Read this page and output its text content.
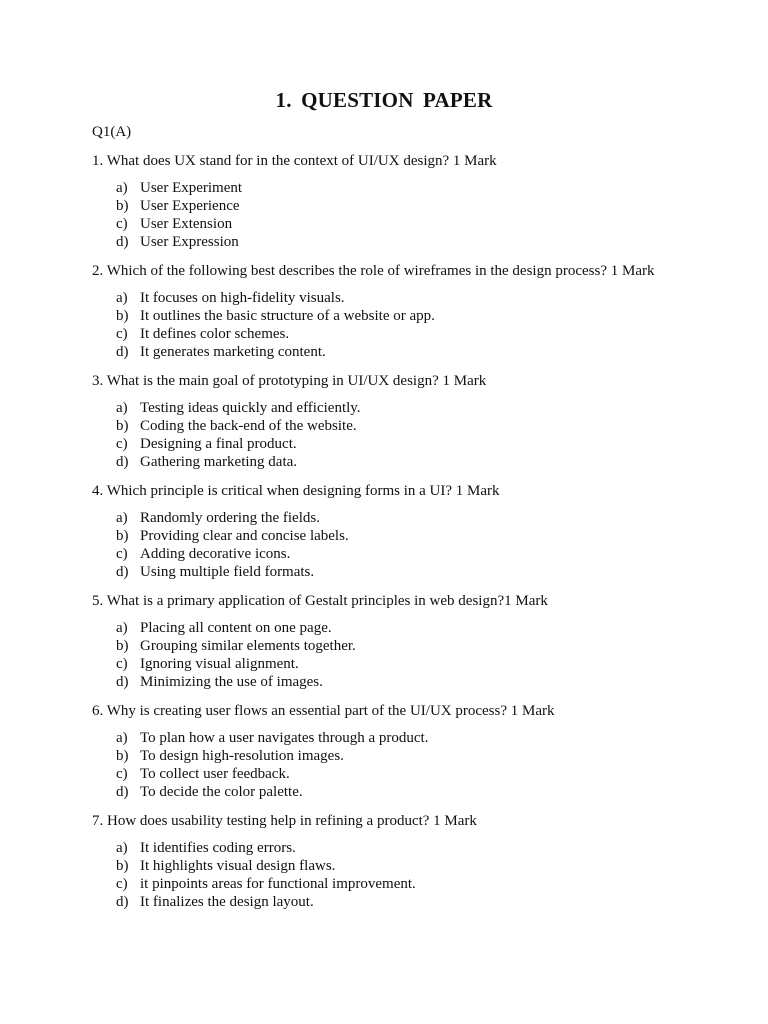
1. QUESTION PAPER
Q1(A)
1. What does UX stand for in the context of UI/UX design? 1 Mark
a) User Experiment
b) User Experience
c) User Extension
d) User Expression
2. Which of the following best describes the role of wireframes in the design process? 1 Mark
a) It focuses on high-fidelity visuals.
b) It outlines the basic structure of a website or app.
c) It defines color schemes.
d) It generates marketing content.
3. What is the main goal of prototyping in UI/UX design? 1 Mark
a) Testing ideas quickly and efficiently.
b) Coding the back-end of the website.
c) Designing a final product.
d) Gathering marketing data.
4. Which principle is critical when designing forms in a UI? 1 Mark
a) Randomly ordering the fields.
b) Providing clear and concise labels.
c) Adding decorative icons.
d) Using multiple field formats.
5. What is a primary application of Gestalt principles in web design?1 Mark
a) Placing all content on one page.
b) Grouping similar elements together.
c) Ignoring visual alignment.
d) Minimizing the use of images.
6. Why is creating user flows an essential part of the UI/UX process? 1 Mark
a) To plan how a user navigates through a product.
b) To design high-resolution images.
c) To collect user feedback.
d) To decide the color palette.
7. How does usability testing help in refining a product? 1 Mark
a) It identifies coding errors.
b) It highlights visual design flaws.
c) it pinpoints areas for functional improvement.
d) It finalizes the design layout.
